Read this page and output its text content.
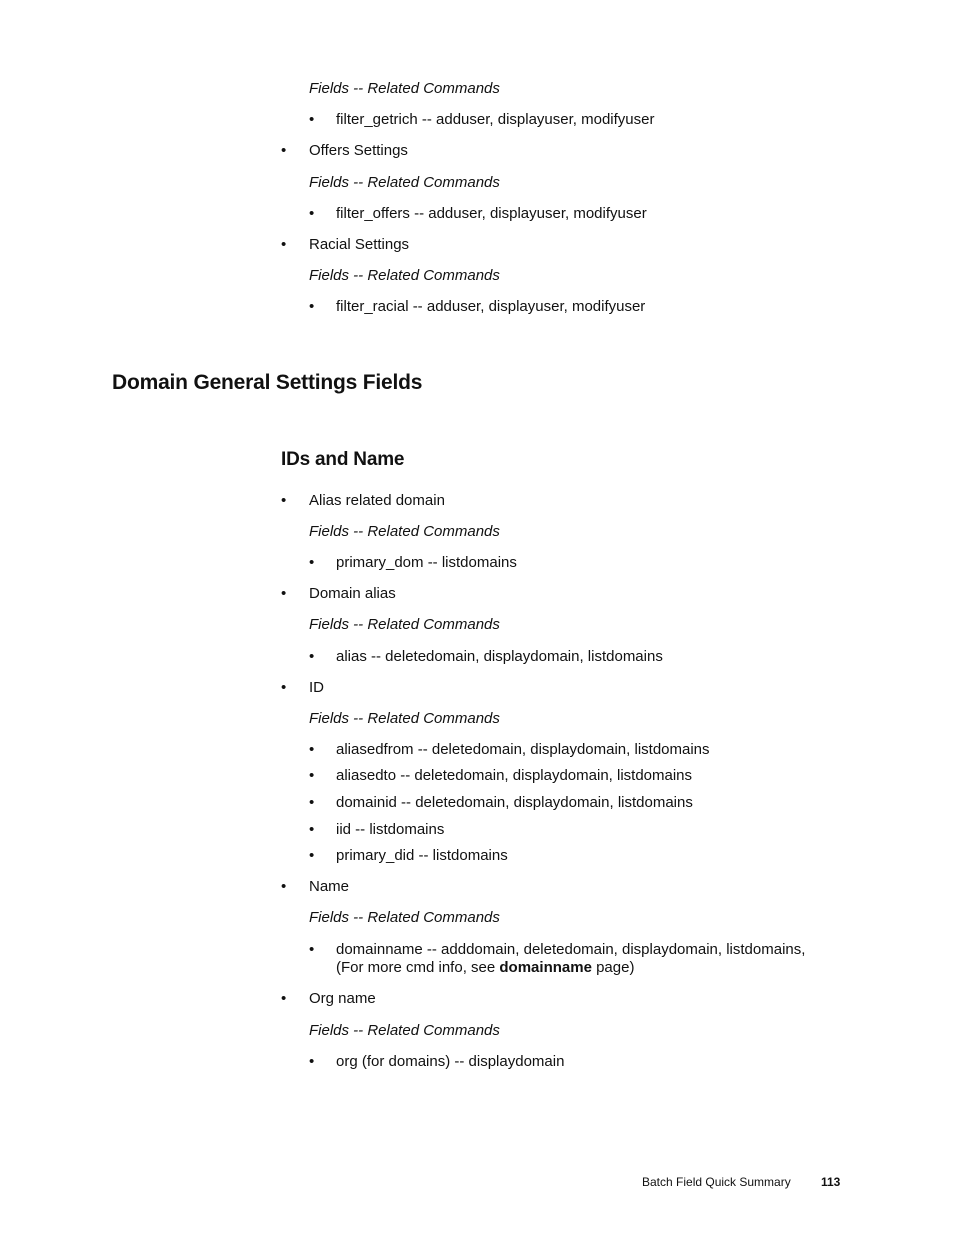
Fields -- Related Commands
• filter_getrich -- adduser, displayuser, modifyuser
• Offers Settings
Fields -- Related Commands
• filter_offers -- adduser, displayuser, modifyuser
• Racial Settings
Fields -- Related Commands
• filter_racial -- adduser, displayuser, modifyuser
Domain General Settings Fields
IDs and Name
• Alias related domain
Fields -- Related Commands
• primary_dom -- listdomains
• Domain alias
Fields -- Related Commands
• alias -- deletedomain, displaydomain, listdomains
• ID
Fields -- Related Commands
• aliasedfrom -- deletedomain, displaydomain, listdomains
• aliasedto -- deletedomain, displaydomain, listdomains
• domainid -- deletedomain, displaydomain, listdomains
• iid -- listdomains
• primary_did -- listdomains
• Name
Fields -- Related Commands
• domainname -- adddomain, deletedomain, displaydomain, listdomains,
(For more cmd info, see domainname page)
• Org name
Fields -- Related Commands
• org (for domains) -- displaydomain
Batch Field Quick Summary	113
